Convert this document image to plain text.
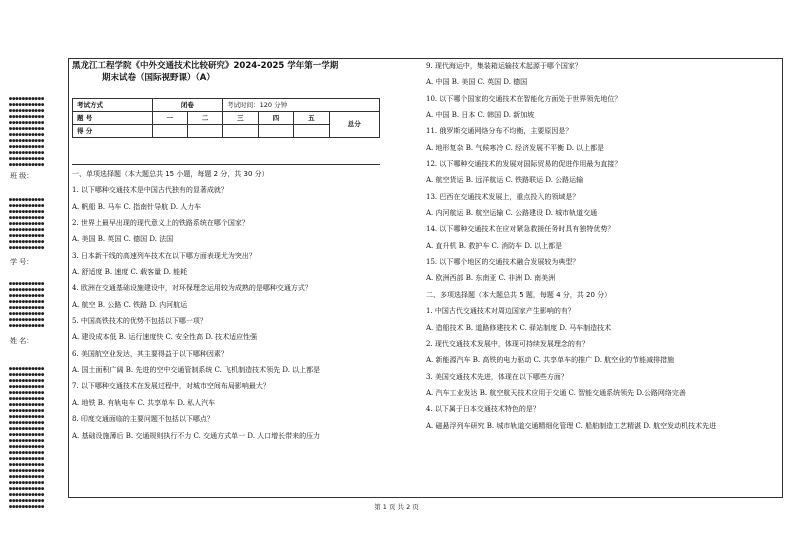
●●●●●●●●●●●
●●●●●●●●●●●
●●●●●●●●●●●
●●●●●●●●●●●
●●●●●●●●●●●
●●●●●●●●●●●
●●●●●●●●●●●
●●●●●●●●●●●
●●●●●●●●●●●
●●●●●●●●●●●
●●●●●●●●●●●
●●●●●●●●●●●
班 级：
●●●●●●●●●●●
●●●●●●●●●●●
●●●●●●●●●●●
●●●●●●●●●●●
●●●●●●●●●●●
●●●●●●●●●●●
●●●●●●●●●●●
●●●●●●●●●●●
●●●●●●●●●●●
学 号：
●●●●●●●●●●●
●●●●●●●●●●●
●●●●●●●●●●●
●●●●●●●●●●●
●●●●●●●●●●●
●●●●●●●●●●●
●●●●●●●●●●●
●●●●●●●●●●●
姓 名：
●●●●●●●●●●●
●●●●●●●●●●●
●●●●●●●●●●●
●●●●●●●●●●●
●●●●●●●●●●●
●●●●●●●●●●●
●●●●●●●●●●●
●●●●●●●●●●●
●●●●●●●●●●●
●●●●●●●●●●●
●●●●●●●●●●●
●●●●●●●●●●●
●●●●●●●●●●●
●●●●●●●●●●●
●●●●●●●●●●●
●●●●●●●●●●●
●●●●●●●●●●●
●●●●●●●●●●●
●●●●●●●●●●●
●●●●●●●●●●●
●●●●●●●●●●●
●●●●●●●●●●●
●●●●●●●●●●●
●●●●●●●●●●●
黑龙江工程学院《中外交通技术比较研究》2024-2025 学年第一学期
期末试卷（国际视野课）（A）
考试方式	闭卷		考试时间：120 分钟			
题 号	一	二	三	四	五	总分
得 分						
一、单项选择题（本大题总共 15 小题，每题 2 分，共 30 分）

1. 以下哪种交通技术是中国古代独有的显著成就？

A. 帆船 B. 马车 C. 指南针导航 D. 人力车

2. 世界上最早出现的现代意义上的铁路系统在哪个国家？

A. 美国 B. 英国 C. 德国 D. 法国

3. 日本新干线的高速列车技术在以下哪方面表现尤为突出？

A. 舒适度 B. 速度 C. 载客量 D. 能耗

4. 欧洲在交通基础设施建设中，对环保理念运用较为成熟的是哪种交通方式？

A. 航空 B. 公路 C. 铁路 D. 内河航运

5. 中国高铁技术的优势不包括以下哪一项？

A. 建设成本低 B. 运行速度快 C. 安全性高 D. 技术适应性强

6. 美国航空业发达，其主要得益于以下哪种因素？

A. 国土面积广阔 B. 先进的空中交通管制系统 C. 飞机制造技术领先 D. 以上都是

7. 以下哪种交通技术在发展过程中，对城市空间布局影响最大？

A. 地铁 B. 有轨电车 C. 共享单车 D. 私人汽车

8. 印度交通面临的主要问题不包括以下哪点？

A. 基础设施薄后 B. 交通规则执行不力 C. 交通方式单一 D. 人口增长带来的压力

9. 现代海运中，集装箱运输技术起源于哪个国家？

A. 中国 B. 美国 C. 英国 D. 德国

10. 以下哪个国家的交通技术在智能化方面处于世界领先地位？

A. 中国 B. 日本 C. 韩国 D. 新加坡

11. 俄罗斯交通网络分布不均衡，主要原因是？

A. 地形复杂 B. 气候寒冷 C. 经济发展不平衡 D. 以上都是

12. 以下哪种交通技术的发展对国际贸易的促进作用最为直接？

A. 航空货运 B. 远洋航运 C. 铁路联运 D. 公路运输

13. 巴西在交通技术发展上，重点投入的领域是？

A. 内河航运 B. 航空运输 C. 公路建设 D. 城市轨道交通

14. 以下哪种交通技术在应对紧急救援任务时具有独特优势？

A. 直升机 B. 救护车 C. 消防车 D. 以上都是

15. 以下哪个地区的交通技术融合发展较为典型？

A. 欧洲西部 B. 东南亚 C. 非洲 D. 南美洲

二、多项选择题（本大题总共 5 题，每题 4 分，共 20 分）

1. 中国古代交通技术对周边国家产生影响的有？

A. 造船技术 B. 道路修建技术 C. 驿站制度 D. 马车制造技术

2. 现代交通技术发展中，体现可持续发展理念的有？

A. 新能源汽车 B. 高铁的电力驱动 C. 共享单车的推广 D. 航空业的节能减排措施

3. 美国交通技术先进，体现在以下哪些方面？

A. 汽车工业发达 B. 航空航天技术应用于交通 C. 智能交通系统领先 D.公路网络完善

4. 以下属于日本交通技术特色的是？

A. 磁悬浮列车研究 B. 城市轨道交通精细化管理 C. 船舶制造工艺精湛 D. 航空发动机技术先进

第 1 页 共 2 页
